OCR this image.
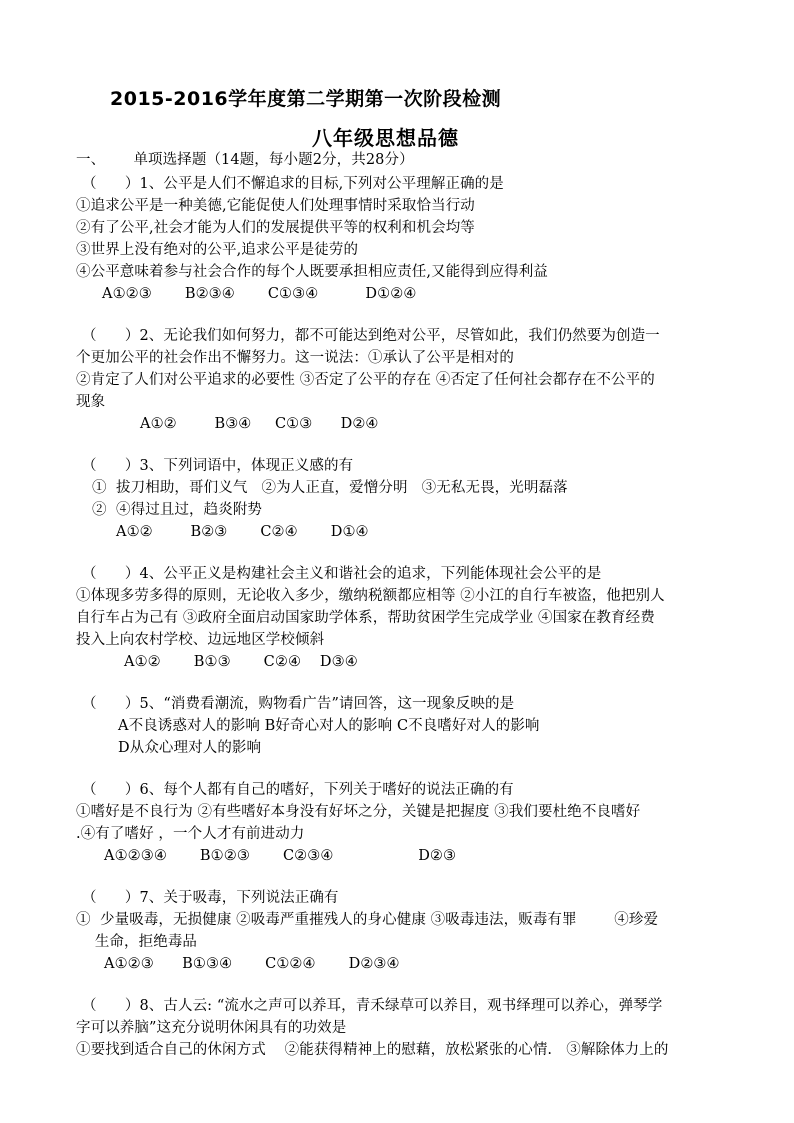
2015-2016学年度第二学期第一次阶段检测
八年级思想品德
一、      单项选择题（14题，每小题2分，共28分）
（      ）1、公平是人们不懈追求的目标,下列对公平理解正确的是
①追求公平是一种美德,它能促使人们处理事情时采取恰当行动
②有了公平,社会才能为人们的发展提供平等的权利和机会均等
③世界上没有绝对的公平,追求公平是徒劳的
④公平意味着参与社会合作的每个人既要承担相应责任,又能得到应得利益
A①②③       B②③④       C①③④          D①②④
（      ）2、无论我们如何努力，都不可能达到绝对公平，尽管如此，我们仍然要为创造一
个更加公平的社会作出不懈努力。这一说法：①承认了公平是相对的
②肯定了人们对公平追求的必要性 ③否定了公平的存在 ④否定了任何社会都存在不公平的
现象
A①②        B③④     C①③      D②④
（      ）3、下列词语中，体现正义感的有
①  拔刀相助，哥们义气   ②为人正直，爱憎分明   ③无私无畏，光明磊落
②  ④得过且过，趋炎附势
A①②        B②③       C②④       D①④
（      ）4、公平正义是构建社会主义和谐社会的追求，下列能体现社会公平的是
①体现多劳多得的原则，无论收入多少，缴纳税额都应相等 ②小江的自行车被盗，他把别人
自行车占为己有 ③政府全面启动国家助学体系，帮助贫困学生完成学业 ④国家在教育经费
投入上向农村学校、边远地区学校倾斜
A①②       B①③       C②④    D③④
（      ）5、“消费看潮流，购物看广告”请回答，这一现象反映的是
A不良诱惑对人的影响 B好奇心对人的影响 C不良嗜好对人的影响
D从众心理对人的影响
（      ）6、每个人都有自己的嗜好，下列关于嗜好的说法正确的有
①嗜好是不良行为 ②有些嗜好本身没有好坏之分，关键是把握度 ③我们要杜绝不良嗜好
.④有了嗜好 ，一个人才有前进动力
A①②③④       B①②③       C②③④                  D②③
（      ）7、关于吸毒，下列说法正确有
①  少量吸毒，无损健康 ②吸毒严重摧残人的身心健康 ③吸毒违法，贩毒有罪        ④珍爱
生命，拒绝毒品
A①②③      B①③④       C①②④       D②③④
（      ）8、古人云: “流水之声可以养耳，青禾绿草可以养目，观书绎理可以养心，弹琴学
字可以养脑”这充分说明休闲具有的功效是
①要找到适合自己的休闲方式    ②能获得精神上的慰藉，放松紧张的心情.   ③解除体力上的
